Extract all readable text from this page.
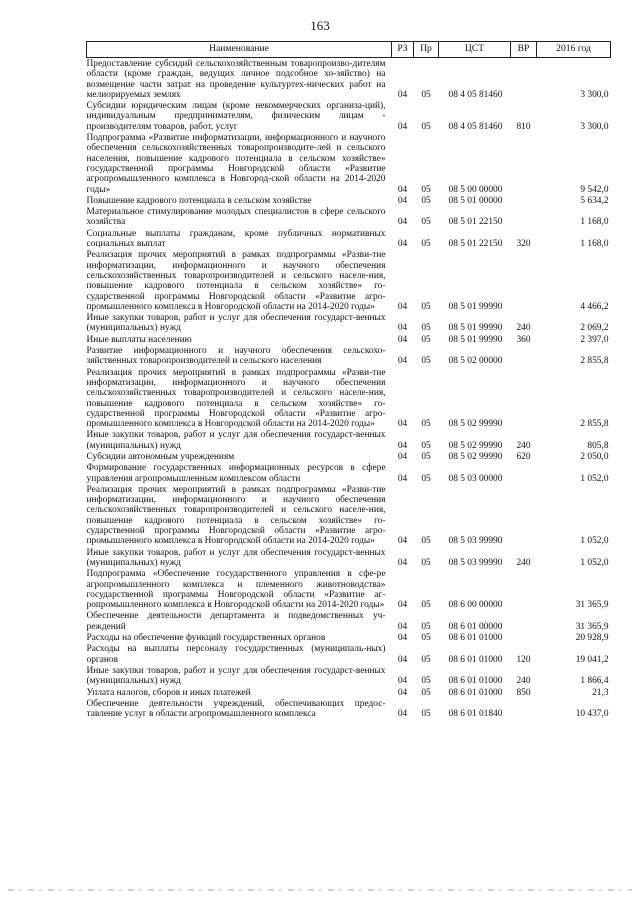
163
Наименование	РЗ	Пр	ЦСТ	ВР	2016 год
Предоставление субсидий сельскохозяйственным товаропроизво-дителям области (кроме граждан, ведущих личное подсобное хо-зяйство) на возмещение части затрат на проведение культуртех-нических работ на мелиорируемых землях	04	05	08 4 05 81460		3 300,0
Субсидии юридическим лицам (кроме некоммерческих организа-ций), индивидуальным предпринимателям, физическим лицам - производителям товаров, работ, услуг	04	05	08 4 05 81460	810	3 300,0
Подпрограмма «Развитие информатизации, информационного и научного обеспечения сельскохозяйственных товаропроизводите-лей и сельского населения, повышение кадрового потенциала в сельском хозяйстве» государственной программы Новгородской области «Развитие агропромышленного комплекса в Новгород-ской области на 2014-2020 годы»	04	05	08 5 00 00000		9 542,0
Повышение кадрового потенциала в сельском хозяйстве	04	05	08 5 01 00000		5 634,2
Материальное стимулирование молодых специалистов в сфере сельского хозяйства	04	05	08 5 01 22150		1 168,0
Социальные выплаты гражданам, кроме публичных нормативных социальных выплат	04	05	08 5 01 22150	320	1 168,0
Реализация прочих мероприятий в рамках подпрограммы «Разви-тие информатизации, информационного и научного обеспечения сельскохозяйственных товаропроизводителей и сельского населе-ния, повышение кадрового потенциала в сельском хозяйстве» го-сударственной программы Новгородской области «Развитие агро-промышленного комплекса в Новгородской области на 2014-2020 годы»	04	05	08 5 01 99990		4 466,2
Иные закупки товаров, работ и услуг для обеспечения государст-венных (муниципальных) нужд	04	05	08 5 01 99990	240	2 069,2
Иные выплаты населению	04	05	08 5 01 99990	360	2 397,0
Развитие информационного и научного обеспечения сельскохо-зяйственных товаропроизводителей и сельского населения	04	05	08 5 02 00000		2 855,8
Реализация прочих мероприятий в рамках подпрограммы «Разви-тие информатизации, информационного и научного обеспечения сельскохозяйственных товаропроизводителей и сельского населе-ния, повышение кадрового потенциала в сельском хозяйстве» го-сударственной программы Новгородской области «Развитие агро-промышленного комплекса в Новгородской области на 2014-2020 годы»	04	05	08 5 02 99990		2 855,8
Иные закупки товаров, работ и услуг для обеспечения государст-венных (муниципальных) нужд	04	05	08 5 02 99990	240	805,8
Субсидии автономным учреждениям	04	05	08 5 02 99990	620	2 050,0
Формирование государственных информационных ресурсов в сфере управления агропромышленным комплексом области	04	05	08 5 03 00000		1 052,0
Реализация прочих мероприятий в рамках подпрограммы «Разви-тие информатизации, информационного и научного обеспечения сельскохозяйственных товаропроизводителей и сельского населе-ния, повышение кадрового потенциала в сельском хозяйстве» го-сударственной программы Новгородской области «Развитие агро-промышленного комплекса в Новгородской области на 2014-2020 годы»	04	05	08 5 03 99990		1 052,0
Иные закупки товаров, работ и услуг для обеспечения государст-венных (муниципальных) нужд	04	05	08 5 03 99990	240	1 052,0
Подпрограмма «Обеспечение государственного управления в сфе-ре агропромышленного комплекса и племенного животноводства» государственной программы Новгородской области «Развитие аг-ропромышленного комплекса в Новгородской области на 2014-2020 годы»	04	05	08 6 00 00000		31 365,9
Обеспечение деятельности департамента и подведомственных уч-реждений	04	05	08 6 01 00000		31 365,9
Расходы на обеспечение функций государственных органов	04	05	08 6 01 01000		20 928,9
Расходы на выплаты персоналу государственных (муниципаль-ных) органов	04	05	08 6 01 01000	120	19 041,2
Иные закупки товаров, работ и услуг для обеспечения государст-венных (муниципальных) нужд	04	05	08 6 01 01000	240	1 866,4
Уплата налогов, сборов и иных платежей	04	05	08 6 01 01000	850	21,3
Обеспечение деятельности учреждений, обеспечивающих предос-тавление услуг в области агропромышленного комплекса	04	05	08 6 01 01840		10 437,0
